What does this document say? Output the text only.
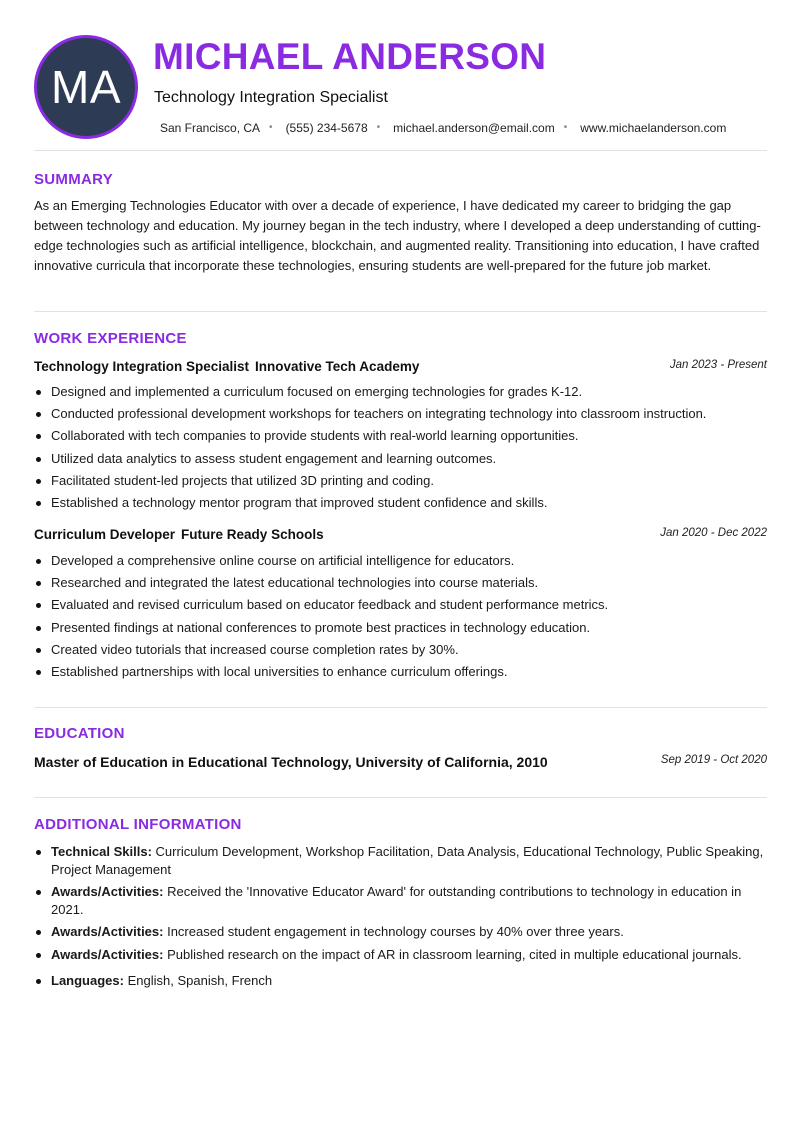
MA
MICHAEL ANDERSON
Technology Integration Specialist
San Francisco, CA • (555) 234-5678 • michael.anderson@email.com • www.michaelanderson.com
SUMMARY

As an Emerging Technologies Educator with over a decade of experience, I have dedicated my career to bridging the gap between technology and education. My journey began in the tech industry, where I developed a deep understanding of cutting-edge technologies such as artificial intelligence, blockchain, and augmented reality. Transitioning into education, I have crafted innovative curricula that incorporate these technologies, ensuring students are well-prepared for the future job market.

WORK EXPERIENCE
Technology Integration Specialist Innovative Tech Academy	Jan 2023 - Present
Designed and implemented a curriculum focused on emerging technologies for grades K-12.
Conducted professional development workshops for teachers on integrating technology into classroom instruction.
Collaborated with tech companies to provide students with real-world learning opportunities.
Utilized data analytics to assess student engagement and learning outcomes.
Facilitated student-led projects that utilized 3D printing and coding.
Established a technology mentor program that improved student confidence and skills.
Curriculum Developer Future Ready Schools	Jan 2020 - Dec 2022
Developed a comprehensive online course on artificial intelligence for educators.
Researched and integrated the latest educational technologies into course materials.
Evaluated and revised curriculum based on educator feedback and student performance metrics.
Presented findings at national conferences to promote best practices in technology education.
Created video tutorials that increased course completion rates by 30%.
Established partnerships with local universities to enhance curriculum offerings.
EDUCATION
Master of Education in Educational Technology, University of California, 2010	Sep 2019 - Oct 2020
ADDITIONAL INFORMATION
Technical Skills: Curriculum Development, Workshop Facilitation, Data Analysis, Educational Technology, Public Speaking, Project Management
Awards/Activities: Received the 'Innovative Educator Award' for outstanding contributions to technology in education in 2021.
Awards/Activities: Increased student engagement in technology courses by 40% over three years.
Awards/Activities: Published research on the impact of AR in classroom learning, cited in multiple educational journals.
Languages: English, Spanish, French
